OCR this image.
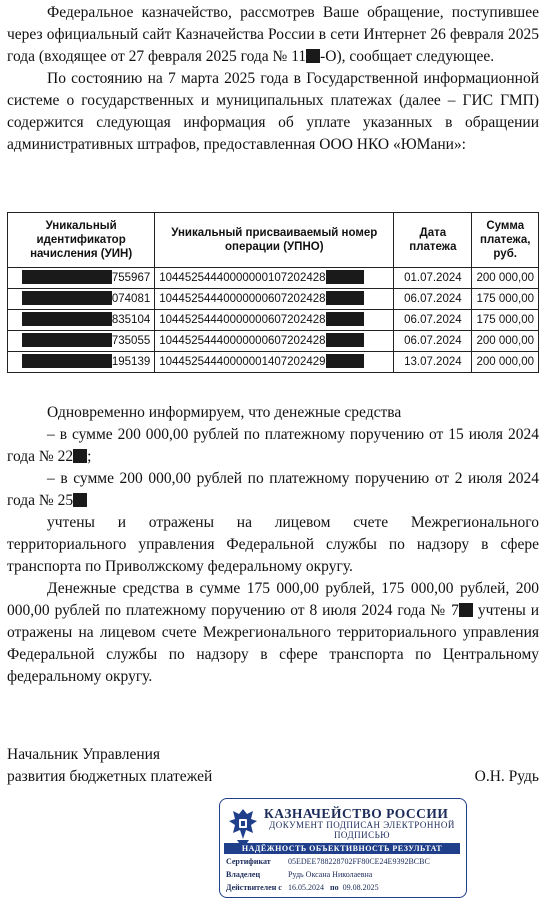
Федеральное казначейство, рассмотрев Ваше обращение, поступившее через официальный сайт Казначейства России в сети Интернет 26 февраля 2025 года (входящее от 27 февраля 2025 года № 11 -О), сообщает следующее.

По состоянию на 7 марта 2025 года в Государственной информационной системе о государственных и муниципальных платежах (далее – ГИС ГМП) содержится следующая информация об уплате указанных в обращении административных штрафов, предоставленная ООО НКО «ЮМани»:

Уникальный идентификатор начисления (УИН)	Уникальный присваиваемый номер операции (УПНО)	Дата платежа	Сумма платежа, руб.
755967	10445254440000000107202428	01.07.2024	200 000,00
074081	10445254440000000607202428	06.07.2024	175 000,00
835104	10445254440000000607202428	06.07.2024	175 000,00
735055	10445254440000000607202428	06.07.2024	200 000,00
195139	10445254440000001407202429	13.07.2024	200 000,00

Одновременно информируем, что денежные средства

– в сумме 200 000,00 рублей по платежному поручению от 15 июля 2024 года № 22 ;

– в сумме 200 000,00 рублей по платежному поручению от 2 июля 2024 года № 25

учтены и отражены на лицевом счете Межрегионального территориального управления Федеральной службы по надзору в сфере транспорта по Приволжскому федеральному округу.

Денежные средства в сумме 175 000,00 рублей, 175 000,00 рублей, 200 000,00 рублей по платежному поручению от 8 июля 2024 года № 7 учтены и отражены на лицевом счете Межрегионального территориального управления Федеральной службы по надзору в сфере транспорта по Центральному федеральному округу.

Начальник Управления
развития бюджетных платежей	О.Н. Рудь
КАЗНАЧЕЙСТВО РОССИИ
ДОКУМЕНТ ПОДПИСАН ЭЛЕКТРОННОЙ ПОДПИСЬЮ
НАДЁЖНОСТЬ ОБЪЕКТИВНОСТЬ РЕЗУЛЬТАТ
Сертификат 05EDEE788228702FF80CE24E9392BCBC
Владелец	Рудь Оксана Николаевна
Действителен с 16.05.2024 по 09.08.2025
